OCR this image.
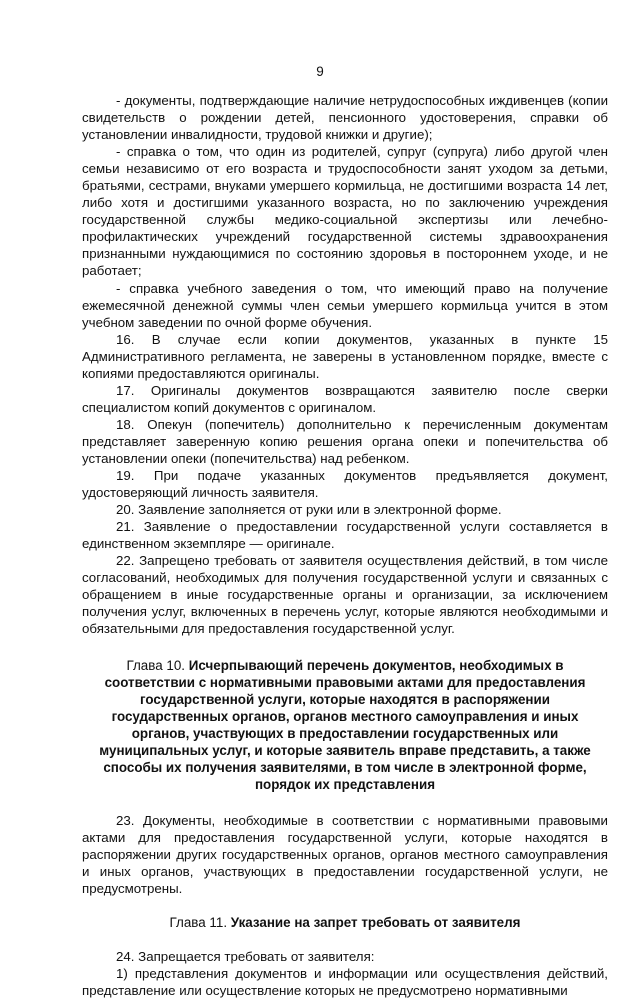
9

- документы, подтверждающие наличие нетрудоспособных иждивенцев (копии свидетельств о рождении детей, пенсионного удостоверения, справки об установлении инвалидности, трудовой книжки и другие);

- справка о том, что один из родителей, супруг (супруга) либо другой член семьи независимо от его возраста и трудоспособности занят уходом за детьми, братьями, сестрами, внуками умершего кормильца, не достигшими возраста 14 лет, либо хотя и достигшими указанного возраста, но по заключению учреждения государственной службы медико-социальной экспертизы или лечебно-профилактических учреждений государственной системы здравоохранения признанными нуждающимися по состоянию здоровья в постороннем уходе, и не работает;

- справка учебного заведения о том, что имеющий право на получение ежемесячной денежной суммы член семьи умершего кормильца учится в этом учебном заведении по очной форме обучения.

16. В случае если копии документов, указанных в пункте 15 Административного регламента, не заверены в установленном порядке, вместе с копиями предоставляются оригиналы.

17. Оригиналы документов возвращаются заявителю после сверки специалистом копий документов с оригиналом.

18. Опекун (попечитель) дополнительно к перечисленным документам представляет заверенную копию решения органа опеки и попечительства об установлении опеки (попечительства) над ребенком.

19. При подаче указанных документов предъявляется документ, удостоверяющий личность заявителя.

20. Заявление заполняется от руки или в электронной форме.

21. Заявление о предоставлении государственной услуги составляется в единственном экземпляре — оригинале.

22. Запрещено требовать от заявителя осуществления действий, в том числе согласований, необходимых для получения государственной услуги и связанных с обращением в иные государственные органы и организации, за исключением получения услуг, включенных в перечень услуг, которые являются необходимыми и обязательными для предоставления государственной услуг.

Глава 10. Исчерпывающий перечень документов, необходимых в соответствии с нормативными правовыми актами для предоставления государственной услуги, которые находятся в распоряжении государственных органов, органов местного самоуправления и иных органов, участвующих в предоставлении государственных или муниципальных услуг, и которые заявитель вправе представить, а также способы их получения заявителями, в том числе в электронной форме, порядок их представления

23. Документы, необходимые в соответствии с нормативными правовыми актами для предоставления государственной услуги, которые находятся в распоряжении других государственных органов, органов местного самоуправления и иных органов, участвующих в предоставлении государственной услуги, не предусмотрены.

Глава 11. Указание на запрет требовать от заявителя

24. Запрещается требовать от заявителя:

1) представления документов и информации или осуществления действий, представление или осуществление которых не предусмотрено нормативными
